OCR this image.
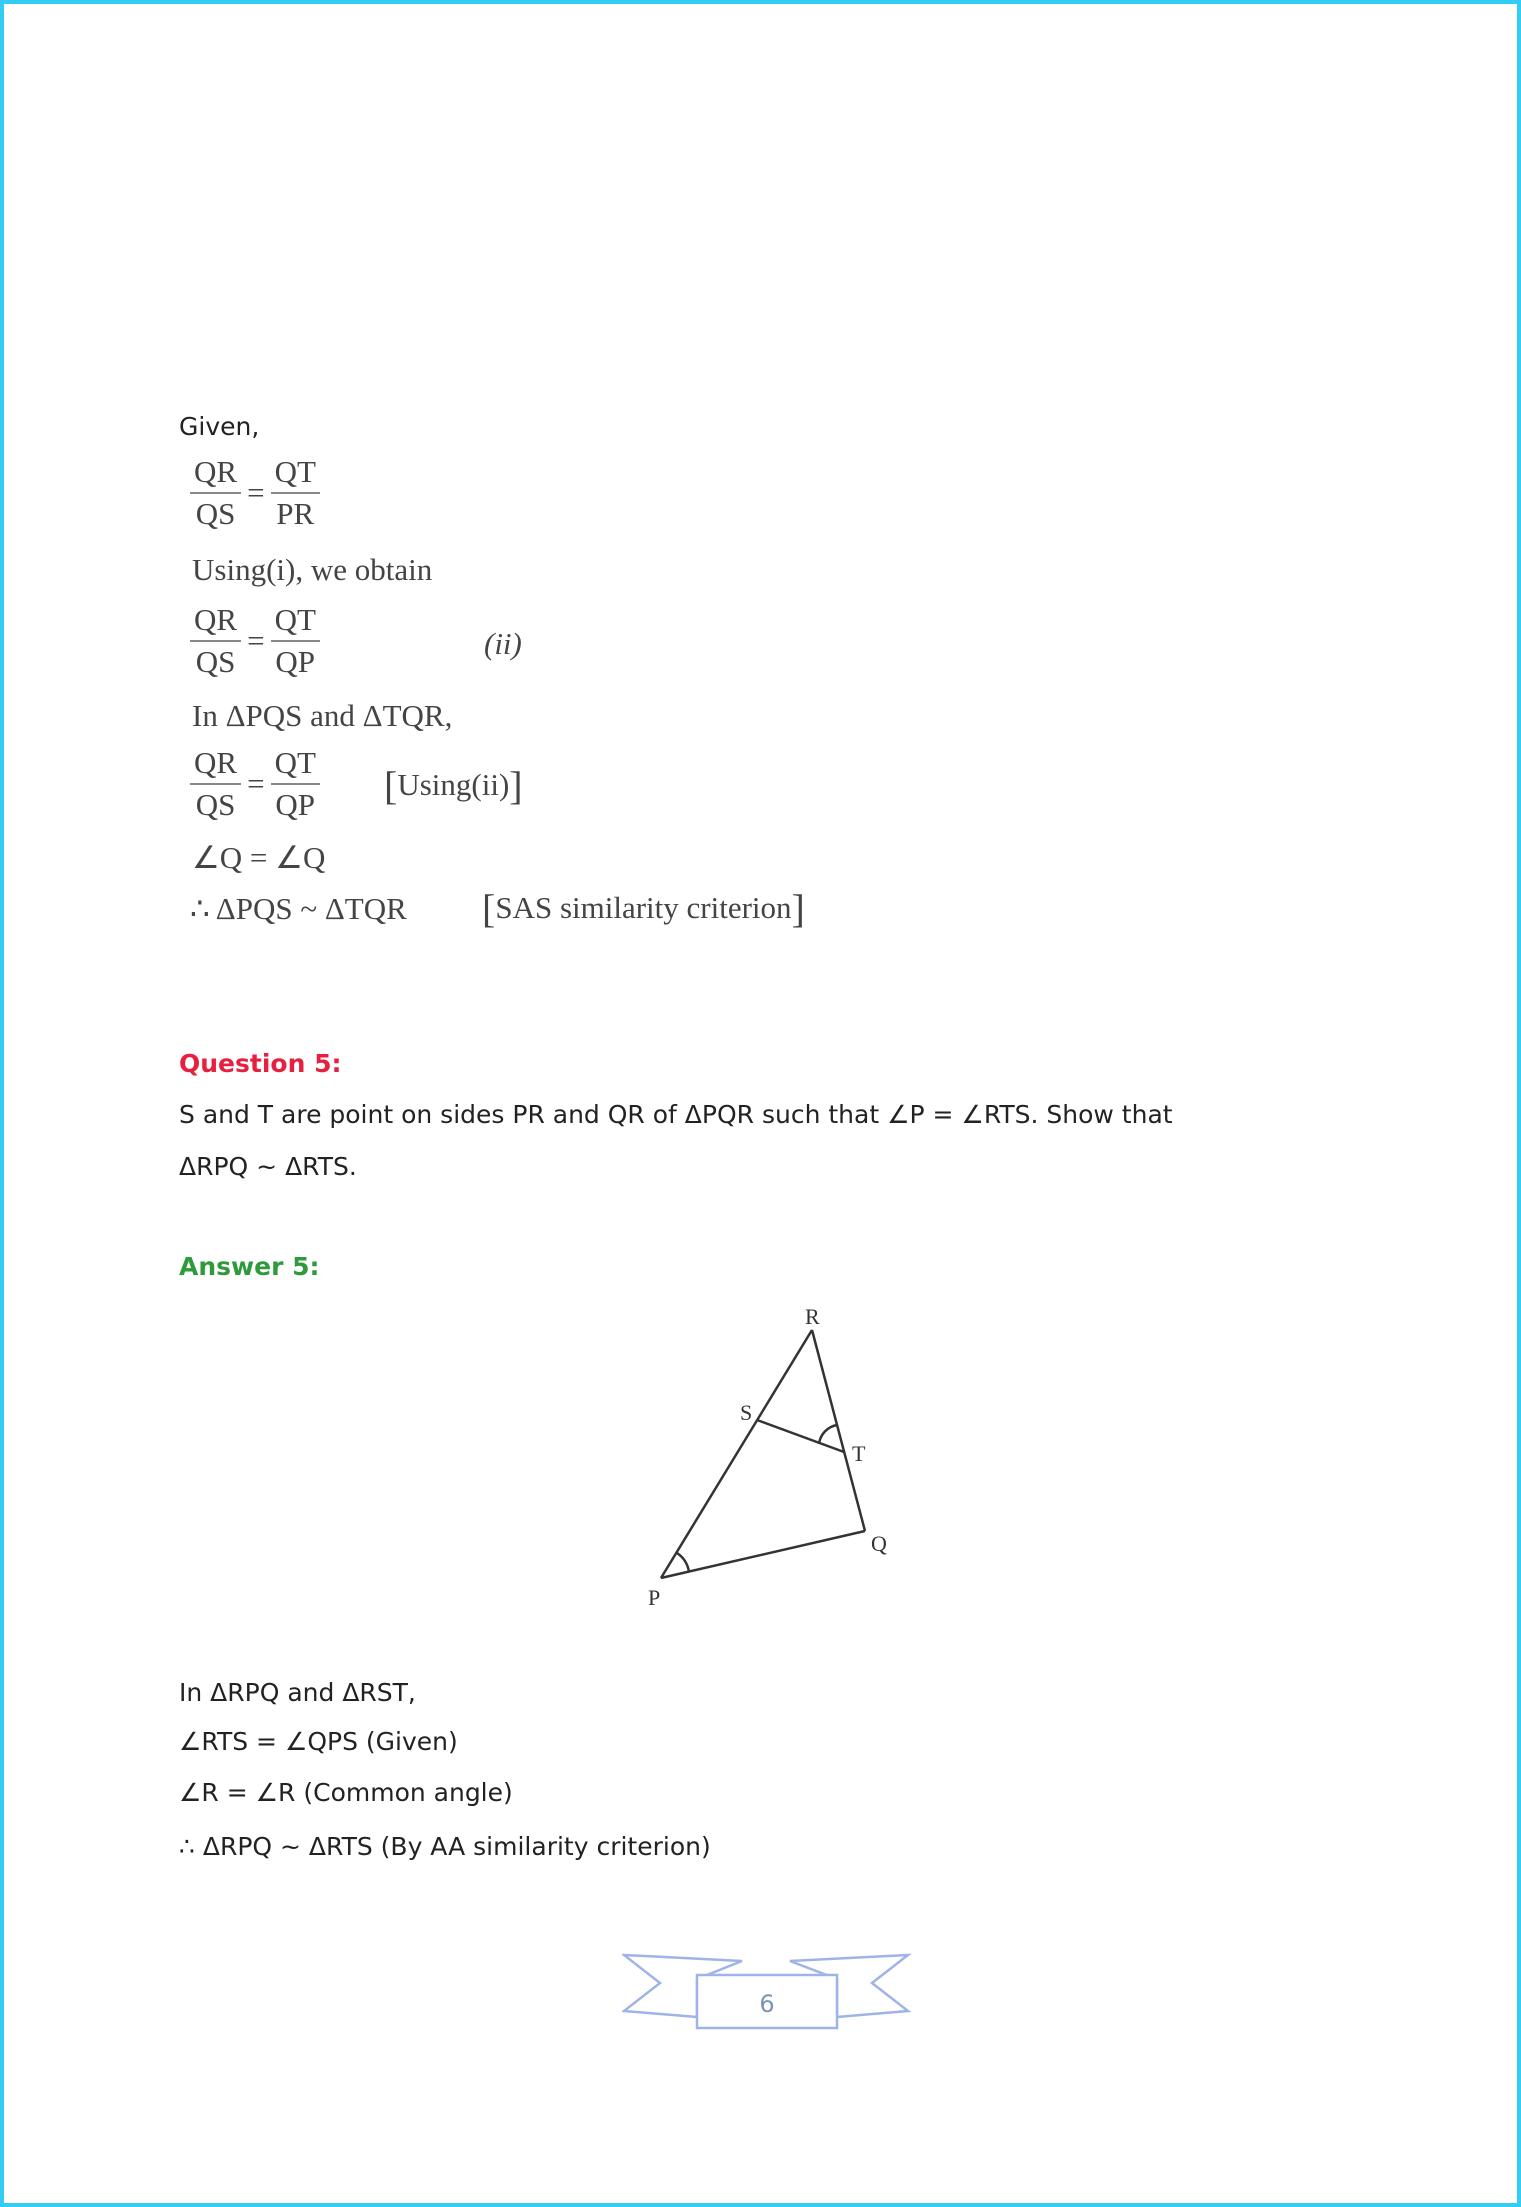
Given,
$\frac{QR}{QS} = \frac{QT}{PR}$
Using(i), we obtain
$\frac{QR}{QS} = \frac{QT}{QP}$	(ii)
In ΔPQS and ΔTQR,
$\frac{QR}{QS} = \frac{QT}{QP} [Using(ii)]$
∠Q = ∠Q
∴ ΔPQS ~ ΔTQR [SAS similarity criterion]
Question 5:
S and T are point on sides PR and QR of ΔPQR such that ∠P = ∠RTS. Show that
ΔRPQ ~ ΔRTS.
Answer 5:
R
S
T
Q
P
In ΔRPQ and ΔRST,
∠RTS = ∠QPS (Given)
∠R = ∠R (Common angle)
∴ ΔRPQ ~ ΔRTS (By AA similarity criterion)
6
